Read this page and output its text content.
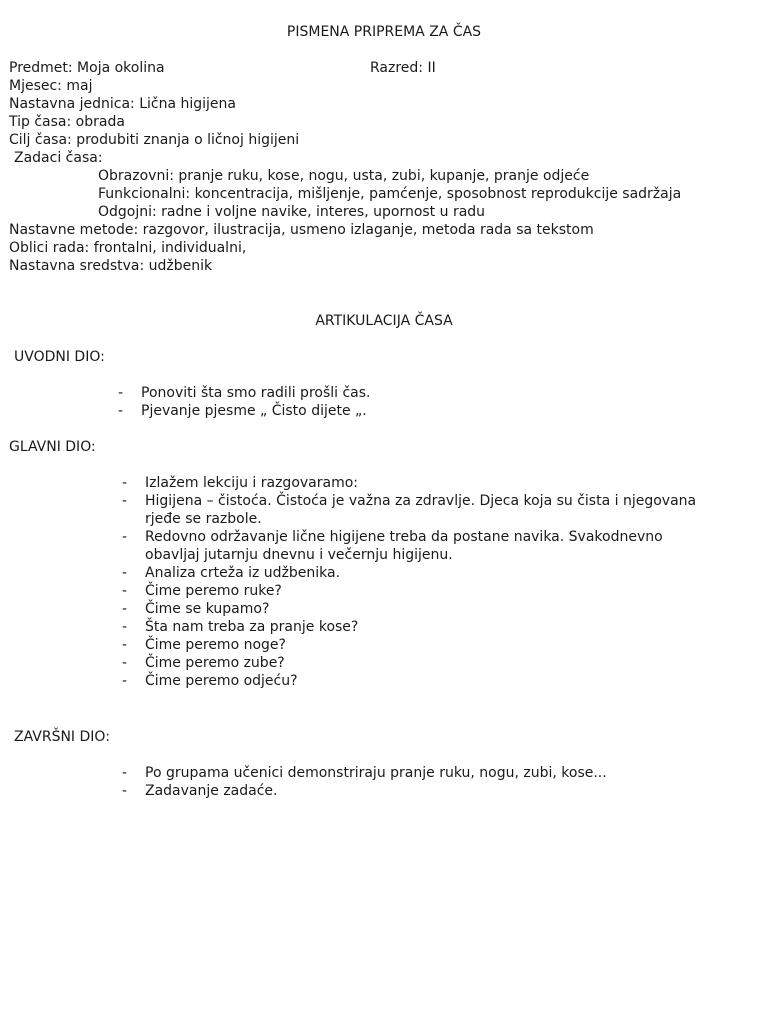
PISMENA PRIPREMA ZA ČAS
Predmet: Moja okolina	Razred: II
Mjesec: maj
Nastavna jednica: Lična higijena
Tip časa: obrada
Cilj časa: produbiti znanja o ličnoj higijeni
Zadaci časa:
Obrazovni: pranje ruku, kose, nogu, usta, zubi, kupanje, pranje odjeće
Funkcionalni: koncentracija, mišljenje, pamćenje, sposobnost reprodukcije sadržaja
Odgojni: radne i voljne navike, interes, upornost u radu
Nastavne metode: razgovor, ilustracija, usmeno izlaganje, metoda rada sa tekstom
Oblici rada: frontalni, individualni,
Nastavna sredstva: udžbenik
ARTIKULACIJA ČASA
UVODNI DIO:
- Ponoviti šta smo radili prošli čas.
- Pjevanje pjesme „ Čisto dijete „.
GLAVNI DIO:
- Izlažem lekciju i razgovaramo:
- Higijena – čistoća. Čistoća je važna za zdravlje. Djeca koja su čista i njegovana
rjeđe se razbole.
- Redovno održavanje lične higijene treba da postane navika. Svakodnevno
obavljaj jutarnju dnevnu i večernju higijenu.
- Analiza crteža iz udžbenika.
- Čime peremo ruke?
- Čime se kupamo?
- Šta nam treba za pranje kose?
- Čime peremo noge?
- Čime peremo zube?
- Čime peremo odjeću?
ZAVRŠNI DIO:
- Po grupama učenici demonstriraju pranje ruku, nogu, zubi, kose...
- Zadavanje zadaće.
